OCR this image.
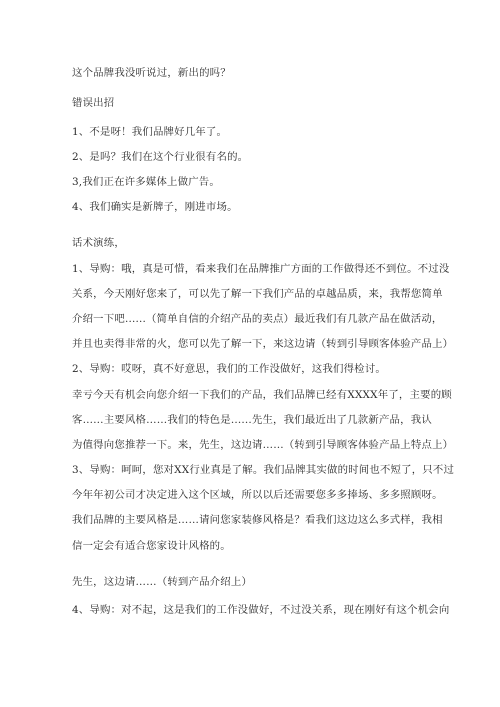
这个品牌我没听说过，新出的吗？
错误出招
1、不是呀！我们品牌好几年了。
2、是吗？我们在这个行业很有名的。
3,我们正在许多媒体上做广告。
4、我们确实是新牌子，刚进市场。
话术演练，
1、导购：哦，真是可惜，看来我们在品牌推广方面的工作做得还不到位。不过没
关系，今天刚好您来了，可以先了解一下我们产品的卓越品质，来，我帮您简单
介绍一下吧......（简单自信的介绍产品的卖点）最近我们有几款产品在做活动，
并且也卖得非常的火，您可以先了解一下，来这边请（转到引导顾客体验产品上）
2、导购：哎呀，真不好意思，我们的工作没做好，这我们得检讨。
幸亏今天有机会向您介绍一下我们的产品，我们品牌已经有XXXX年了，主要的顾
客……主要风格……我们的特色是......先生，我们最近出了几款新产品，我认
为值得向您推荐一下。来，先生，这边请……（转到引导顾客体验产品上特点上）
3、导购：呵呵，您对XX行业真是了解。我们品牌其实做的时间也不短了，只不过
今年年初公司才决定进入这个区域，所以以后还需要您多多捧场、多多照顾呀。
我们品牌的主要风格是……请问您家装修风格是？看我们这边这么多式样，我相
信一定会有适合您家设计风格的。
先生，这边请……（转到产品介绍上）
4、导购：对不起，这是我们的工作没做好，不过没关系，现在刚好有这个机会向
